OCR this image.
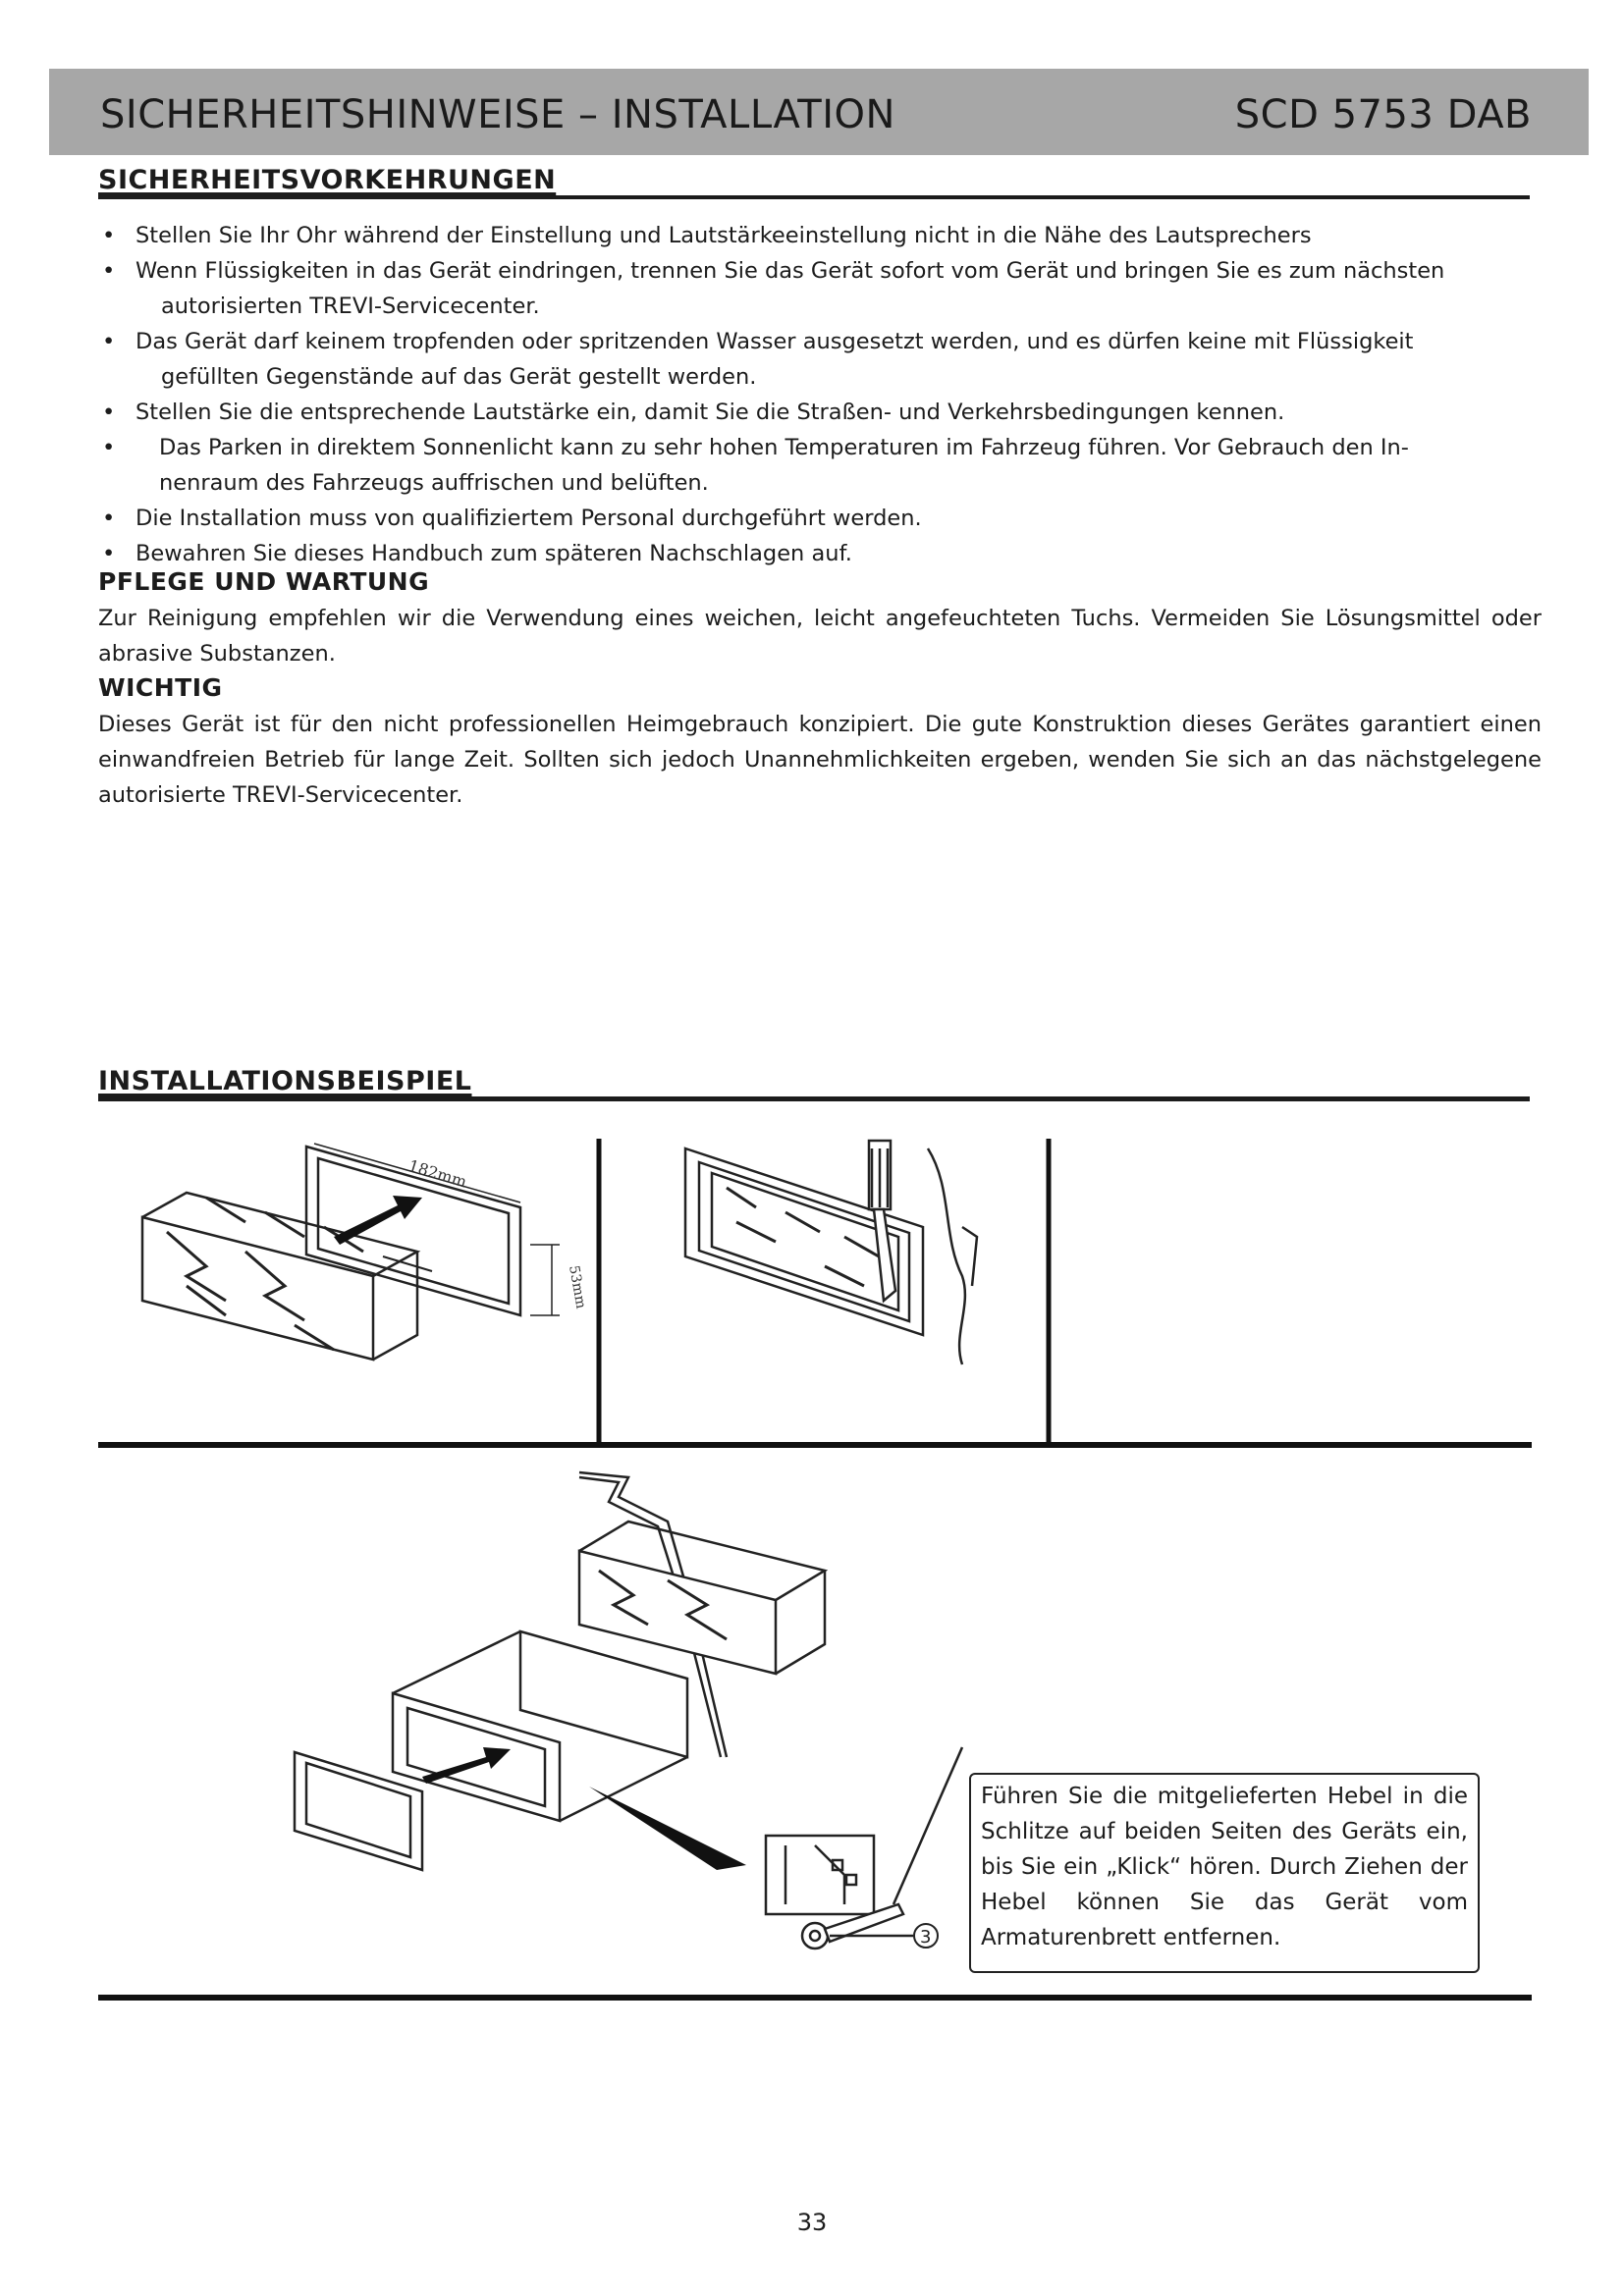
SICHERHEITSHINWEISE – INSTALLATION	SCD 5753 DAB
SICHERHEITSVORKEHRUNGEN
• Stellen Sie Ihr Ohr während der Einstellung und Lautstärkeeinstellung nicht in die Nähe des Lautsprechers
• Wenn Flüssigkeiten in das Gerät eindringen, trennen Sie das Gerät sofort vom Gerät und bringen Sie es zum nächsten
autorisierten TREVI-Servicecenter.
• Das Gerät darf keinem tropfenden oder spritzenden Wasser ausgesetzt werden, und es dürfen keine mit Flüssigkeit
gefüllten Gegenstände auf das Gerät gestellt werden.
• Stellen Sie die entsprechende Lautstärke ein, damit Sie die Straßen- und Verkehrsbedingungen kennen.
• Das Parken in direktem Sonnenlicht kann zu sehr hohen Temperaturen im Fahrzeug führen. Vor Gebrauch den In-
nenraum des Fahrzeugs auffrischen und belüften.
• Die Installation muss von qualifiziertem Personal durchgeführt werden.
• Bewahren Sie dieses Handbuch zum späteren Nachschlagen auf.
PFLEGE UND WARTUNG

Zur Reinigung empfehlen wir die Verwendung eines weichen, leicht angefeuchteten Tuchs. Vermeiden Sie Lösungsmittel oder abrasive Substanzen.

WICHTIG

Dieses Gerät ist für den nicht professionellen Heimgebrauch konzipiert. Die gute Konstruktion dieses Gerätes garantiert einen einwandfreien Betrieb für lange Zeit. Sollten sich jedoch Unannehmlichkeiten ergeben, wenden Sie sich an das nächstgelegene autorisierte TREVI-Servicecenter.

INSTALLATIONSBEISPIEL
182mm
53mm
3
Führen Sie die mitgelieferten Hebel in die Schlitze auf beiden Seiten des Geräts ein, bis Sie ein „Klick“ hören. Durch Ziehen der Hebel können Sie das Gerät vom Armaturenbrett entfernen.
33
